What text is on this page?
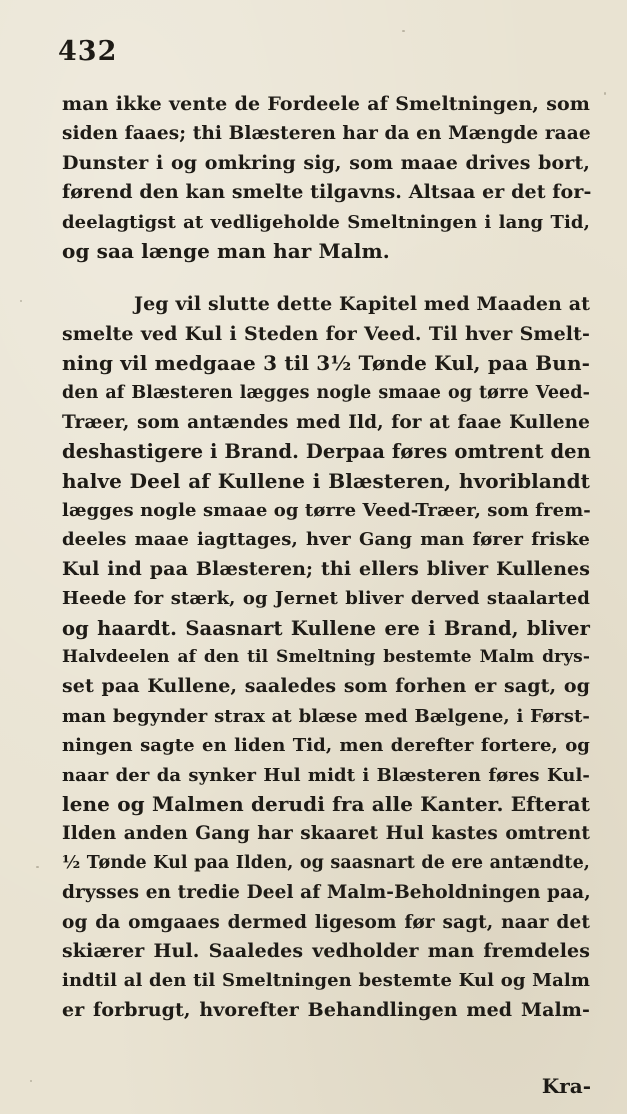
432
man ikke vente de Fordeele af Smeltningen, som
siden faaes; thi Blæsteren har da en Mængde raae
Dunster i og omkring sig, som maae drives bort,
førend den kan smelte tilgavns. Altsaa er det for-
deelagtigst at vedligeholde Smeltningen i lang Tid,
og saa længe man har Malm.
Jeg vil slutte dette Kapitel med Maaden at
smelte ved Kul i Steden for Veed. Til hver Smelt-
ning vil medgaae 3 til 3½ Tønde Kul, paa Bun-
den af Blæsteren lægges nogle smaae og tørre Veed-
Træer, som antændes med Ild, for at faae Kullene
deshastigere i Brand. Derpaa føres omtrent den
halve Deel af Kullene i Blæsteren, hvoriblandt
lægges nogle smaae og tørre Veed-Træer, som frem-
deeles maae iagttages, hver Gang man fører friske
Kul ind paa Blæsteren; thi ellers bliver Kullenes
Heede for stærk, og Jernet bliver derved staalarted
og haardt. Saasnart Kullene ere i Brand, bliver
Halvdeelen af den til Smeltning bestemte Malm drys-
set paa Kullene, saaledes som forhen er sagt, og
man begynder strax at blæse med Bælgene, i Først-
ningen sagte en liden Tid, men derefter fortere, og
naar der da synker Hul midt i Blæsteren føres Kul-
lene og Malmen derudi fra alle Kanter. Efterat
Ilden anden Gang har skaaret Hul kastes omtrent
½ Tønde Kul paa Ilden, og saasnart de ere antændte,
drysses en tredie Deel af Malm-Beholdningen paa,
og da omgaaes dermed ligesom før sagt, naar det
skiærer Hul. Saaledes vedholder man fremdeles
indtil al den til Smeltningen bestemte Kul og Malm
er forbrugt, hvorefter Behandlingen med Malm-
Kra-
